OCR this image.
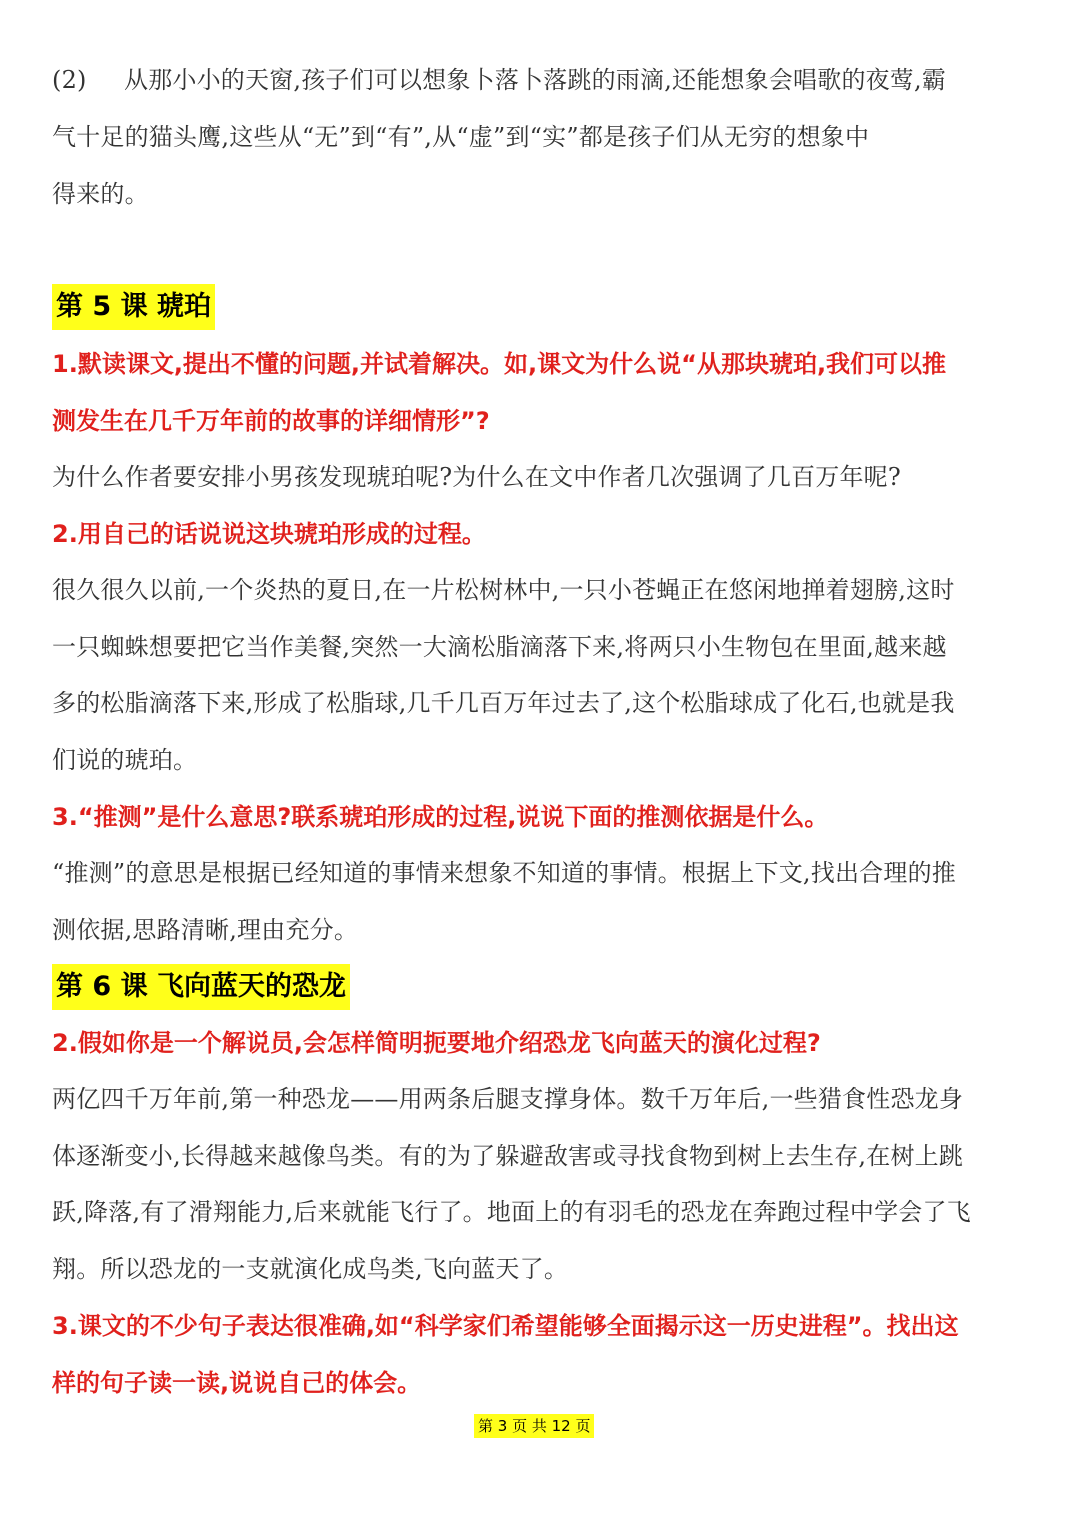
(2) 从那小小的天窗,孩子们可以想象卜落卜落跳的雨滴,还能想象会唱歌的夜莺,霸
气十足的猫头鹰,这些从“无”到“有”,从“虚”到“实”都是孩子们从无穷的想象中
得来的。
第 5 课 琥珀
1.默读课文,提出不懂的问题,并试着解决。如,课文为什么说“从那块琥珀,我们可以推
测发生在几千万年前的故事的详细情形”?
为什么作者要安排小男孩发现琥珀呢?为什么在文中作者几次强调了几百万年呢?
2.用自己的话说说这块琥珀形成的过程。
很久很久以前,一个炎热的夏日,在一片松树林中,一只小苍蝇正在悠闲地掸着翅膀,这时
一只蜘蛛想要把它当作美餐,突然一大滴松脂滴落下来,将两只小生物包在里面,越来越
多的松脂滴落下来,形成了松脂球,几千几百万年过去了,这个松脂球成了化石,也就是我
们说的琥珀。
3.“推测”是什么意思?联系琥珀形成的过程,说说下面的推测依据是什么。
“推测”的意思是根据已经知道的事情来想象不知道的事情。根据上下文,找出合理的推
测依据,思路清晰,理由充分。
第 6 课 飞向蓝天的恐龙
2.假如你是一个解说员,会怎样简明扼要地介绍恐龙飞向蓝天的演化过程?
两亿四千万年前,第一种恐龙——用两条后腿支撑身体。数千万年后,一些猎食性恐龙身
体逐渐变小,长得越来越像鸟类。有的为了躲避敌害或寻找食物到树上去生存,在树上跳
跃,降落,有了滑翔能力,后来就能飞行了。地面上的有羽毛的恐龙在奔跑过程中学会了飞
翔。所以恐龙的一支就演化成鸟类,飞向蓝天了。
3.课文的不少句子表达很准确,如“科学家们希望能够全面揭示这一历史进程”。找出这
样的句子读一读,说说自己的体会。
第 3 页 共 12 页
